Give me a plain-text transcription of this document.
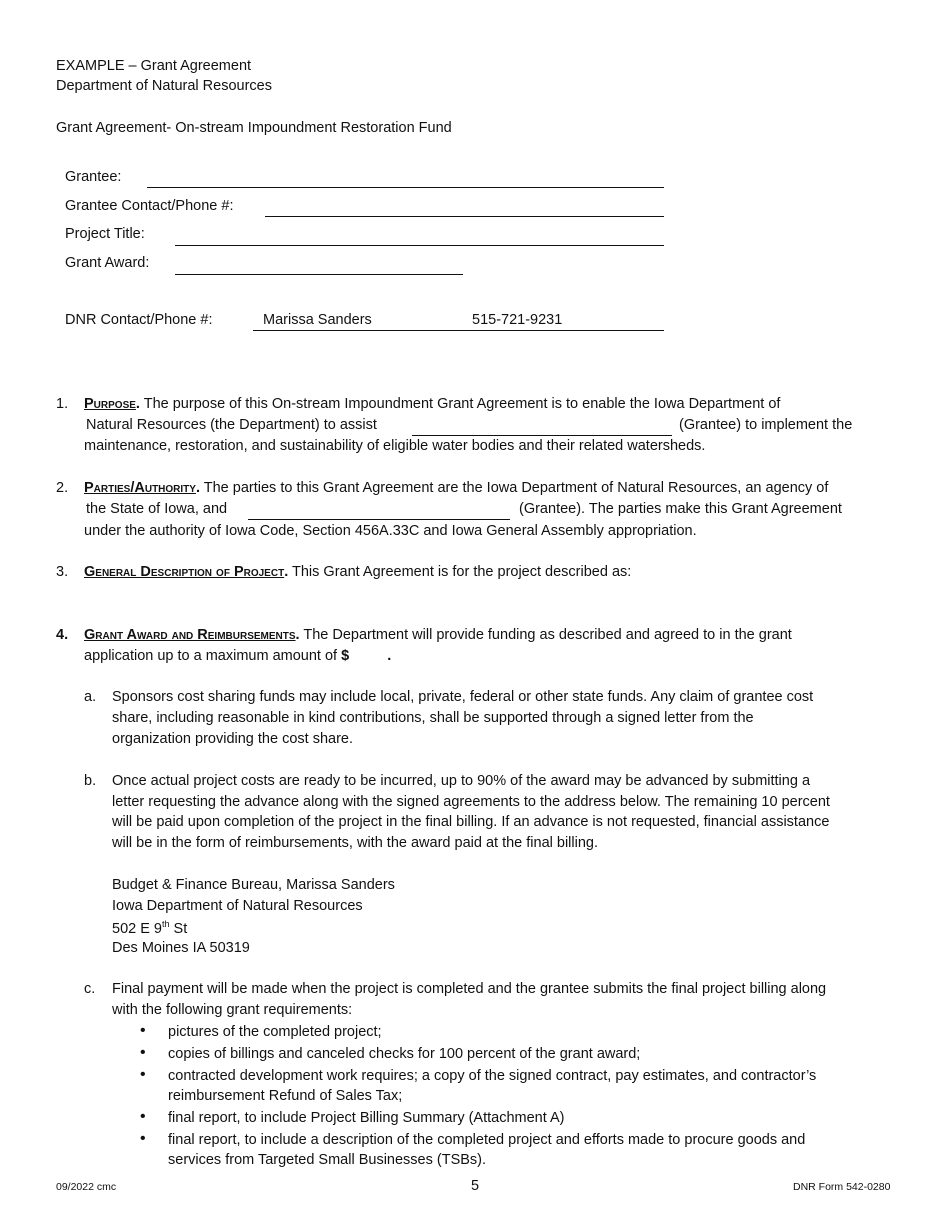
EXAMPLE – Grant Agreement
Department of Natural Resources
Grant Agreement- On-stream Impoundment Restoration Fund
Grantee:
Grantee Contact/Phone #:
Project Title:
Grant Award:
DNR Contact/Phone #:	Marissa Sanders	515-721-9231
1. Purpose. The purpose of this On-stream Impoundment Grant Agreement is to enable the Iowa Department of
Natural Resources (the Department) to assist	(Grantee) to implement the
maintenance, restoration, and sustainability of eligible water bodies and their related watersheds.
2. Parties/Authority. The parties to this Grant Agreement are the Iowa Department of Natural Resources, an agency of
the State of Iowa, and	(Grantee). The parties make this Grant Agreement
under the authority of Iowa Code, Section 456A.33C and Iowa General Assembly appropriation.
3. General Description of Project. This Grant Agreement is for the project described as:
4. Grant Award and Reimbursements. The Department will provide funding as described and agreed to in the grant
application up to a maximum amount of $	.
a. Sponsors cost sharing funds may include local, private, federal or other state funds. Any claim of grantee cost
share, including reasonable in kind contributions, shall be supported through a signed letter from the
organization providing the cost share.
b. Once actual project costs are ready to be incurred, up to 90% of the award may be advanced by submitting a
letter requesting the advance along with the signed agreements to the address below. The remaining 10 percent
will be paid upon completion of the project in the final billing. If an advance is not requested, financial assistance
will be in the form of reimbursements, with the award paid at the final billing.
Budget & Finance Bureau, Marissa Sanders
Iowa Department of Natural Resources
502 E 9th St
Des Moines IA 50319
c. Final payment will be made when the project is completed and the grantee submits the final project billing along
with the following grant requirements:
• pictures of the completed project;
• copies of billings and canceled checks for 100 percent of the grant award;
• contracted development work requires; a copy of the signed contract, pay estimates, and contractor’s
reimbursement Refund of Sales Tax;
• final report, to include Project Billing Summary (Attachment A)
• final report, to include a description of the completed project and efforts made to procure goods and
services from Targeted Small Businesses (TSBs).
09/2022 cmc	5	DNR Form 542-0280
